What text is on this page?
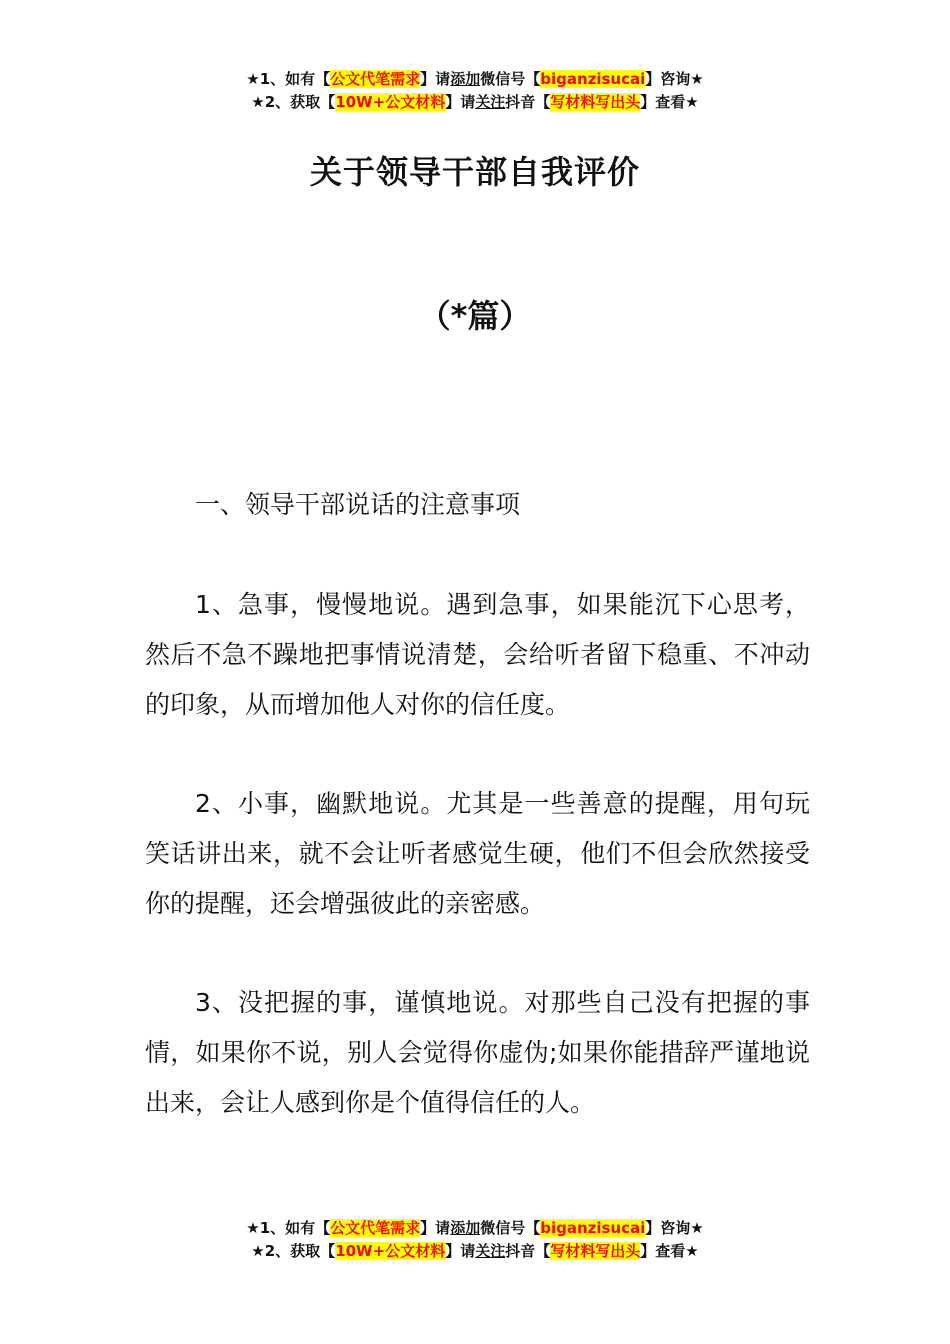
★1、如有【公文代笔需求】请添加微信号【biganzisucai】咨询★
★2、获取【10W+公文材料】请关注抖音【写材料写出头】查看★
关于领导干部自我评价
（*篇）
一、领导干部说话的注意事项
1、急事，慢慢地说。遇到急事，如果能沉下心思考，然后不急不躁地把事情说清楚，会给听者留下稳重、不冲动的印象，从而增加他人对你的信任度。
2、小事，幽默地说。尤其是一些善意的提醒，用句玩笑话讲出来，就不会让听者感觉生硬，他们不但会欣然接受你的提醒，还会增强彼此的亲密感。
3、没把握的事，谨慎地说。对那些自己没有把握的事情，如果你不说，别人会觉得你虚伪;如果你能措辞严谨地说出来，会让人感到你是个值得信任的人。
★1、如有【公文代笔需求】请添加微信号【biganzisucai】咨询★
★2、获取【10W+公文材料】请关注抖音【写材料写出头】查看★
